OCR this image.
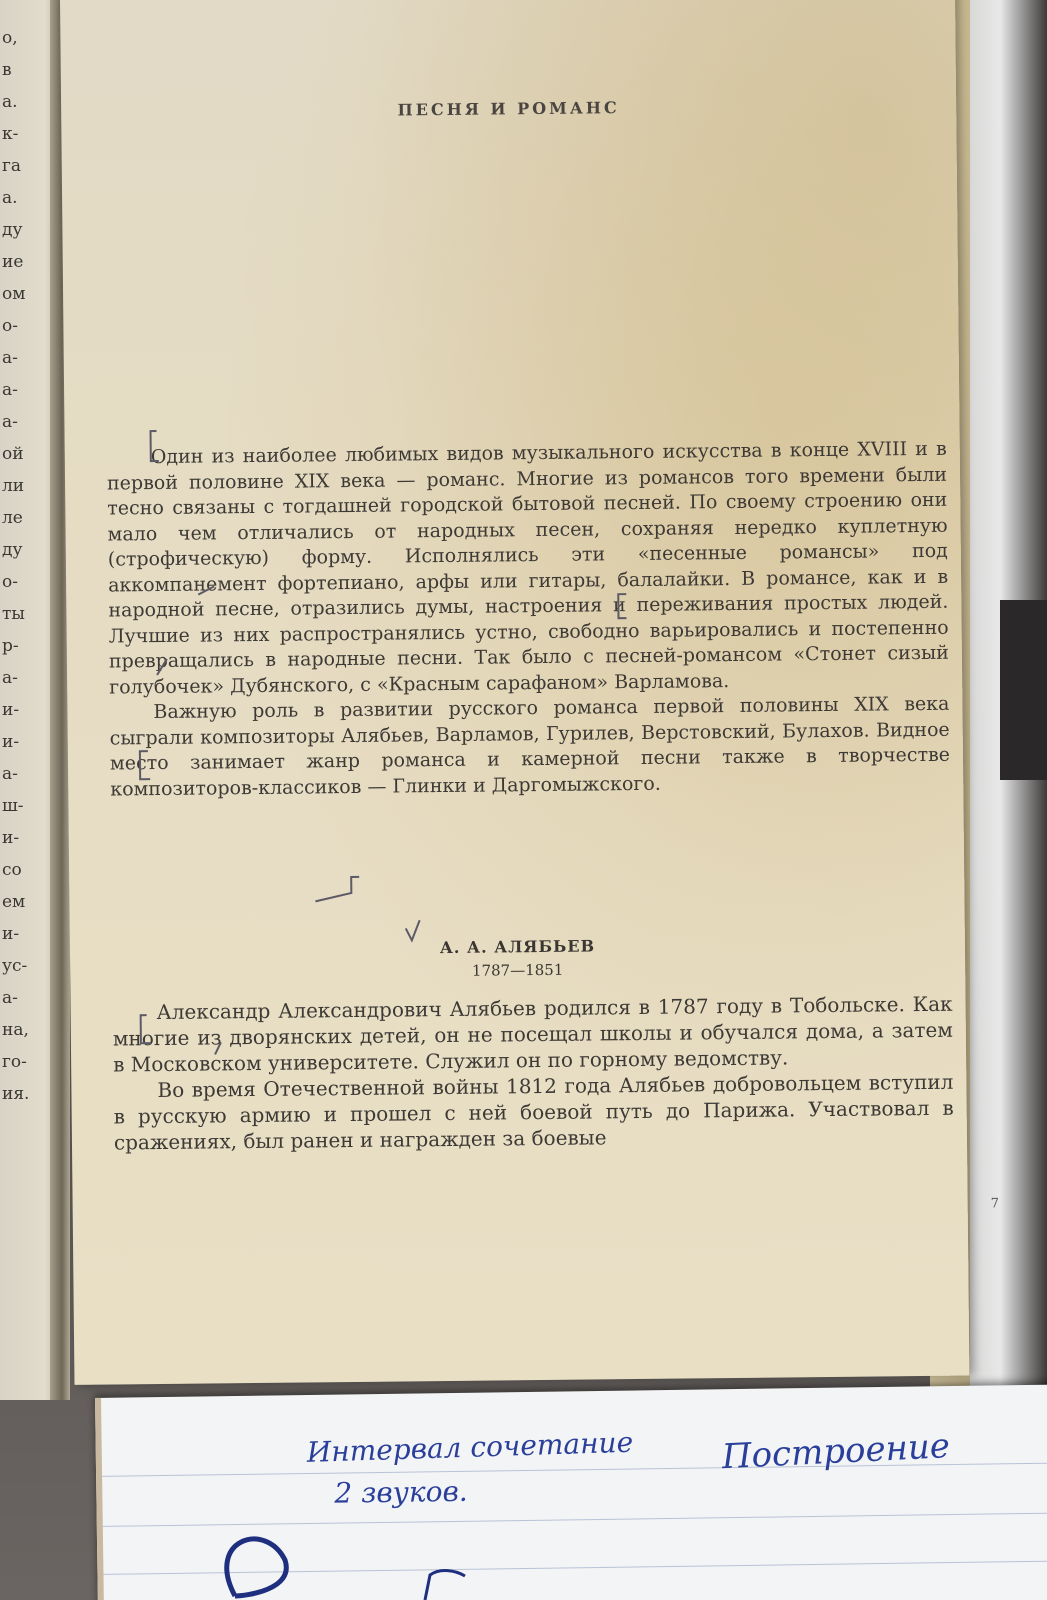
о,
в
а.
к-
га
а.
ду
ие
ом
о-
а-
а-
а-
ой
ли
ле
ду
о-
ты
р-
а-
и-
и-
а-
ш-
и-
со
ем
и-
ус-
а-
на,
го-
ия.
ПЕСНЯ И РОМАНС

Один из наиболее любимых видов музыкального искусства в конце XVIII и в первой половине XIX века — романс. Многие из романсов того времени были тесно связаны с тогдашней городской бытовой песней. По своему строению они мало чем отличались от народных песен, сохраняя нередко куплетную (строфическую) форму. Исполнялись эти «песенные романсы» под аккомпанемент фортепиано, арфы или гитары, балалайки. В романсе, как и в народной песне, отразились думы, настроения и переживания простых людей. Лучшие из них распространялись устно, свободно варьировались и постепенно превращались в народные песни. Так было с песней-романсом «Стонет сизый голубочек» Дубянского, с «Красным сарафаном» Варламова.

Важную роль в развитии русского романса первой половины XIX века сыграли композиторы Алябьев, Варламов, Гурилев, Верстовский, Булахов. Видное место занимает жанр романса и камерной песни также в творчестве композиторов-классиков — Глинки и Даргомыжского.

А. А. АЛЯБЬЕВ
1787—1851

Александр Александрович Алябьев родился в 1787 году в Тобольске. Как многие из дворянских детей, он не посещал школы и обучался дома, а затем в Московском университете. Служил он по горному ведомству.

Во время Отечественной войны 1812 года Алябьев добровольцем вступил в русскую армию и прошел с ней боевой путь до Парижа. Участвовал в сражениях, был ранен и награжден за боевые

7
Интервал сочетание
2 звуков.
Построение
